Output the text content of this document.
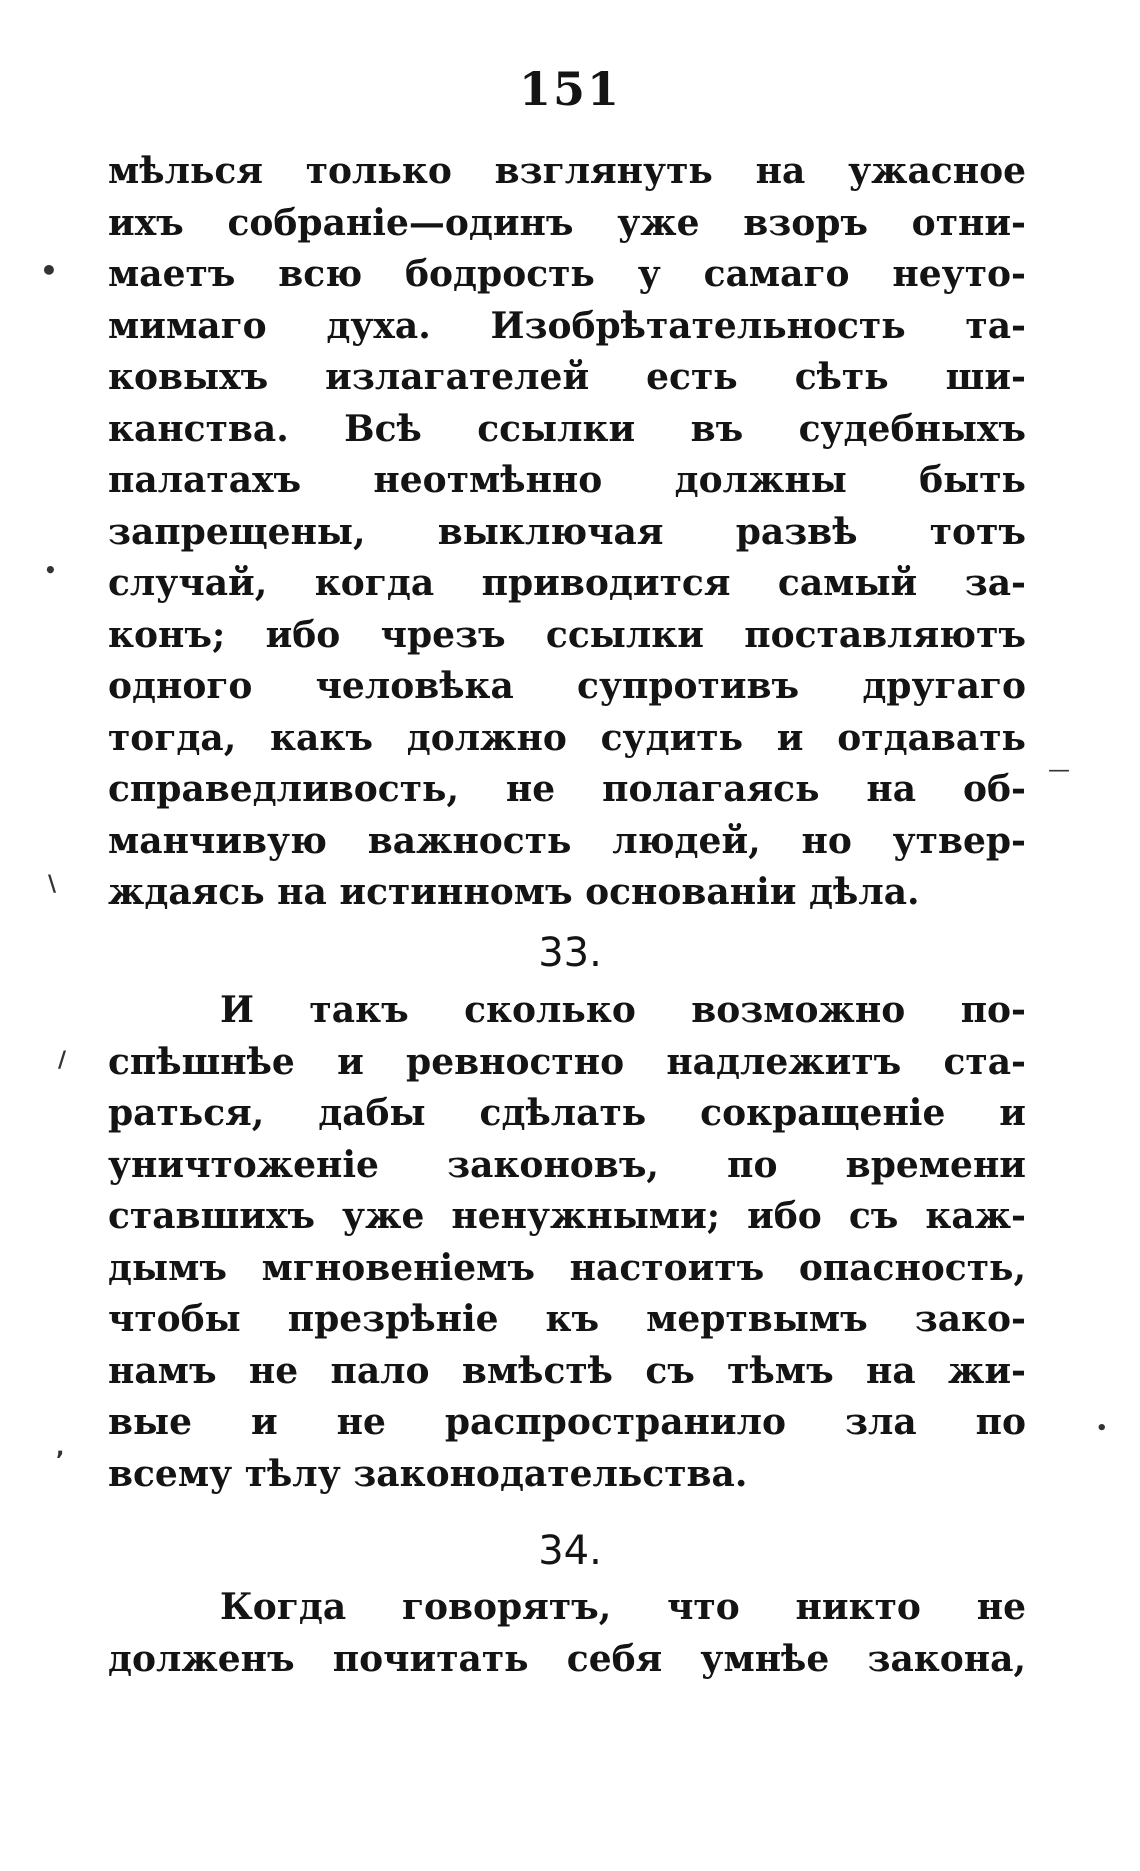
151
мѣлься только взглянуть на ужасное
ихъ собраніе—одинъ уже взоръ отни-
маетъ всю бодрость у самаго неуто-
мимаго духа. Изобрѣтательность та-
ковыхъ излагателей есть сѣть ши-
канства. Всѣ ссылки въ судебныхъ
палатахъ неотмѣнно должны быть
запрещены, выключая развѣ тотъ
случай, когда приводится самый за-
конъ; ибо чрезъ ссылки поставляютъ
одного человѣка супротивъ другаго
тогда, какъ должно судить и отдавать
справедливость, не полагаясь на об-
манчивую важность людей, но утвер-
ждаясь на истинномъ основаніи дѣла.
33.
И такъ сколько возможно по-
спѣшнѣе и ревностно надлежитъ ста-
раться, дабы сдѣлать сокращеніе и
уничтоженіе законовъ, по времени
ставшихъ уже ненужными; ибо съ каж-
дымъ мгновеніемъ настоитъ опасность,
чтобы презрѣніе къ мертвымъ зако-
намъ не пало вмѣстѣ съ тѣмъ на жи-
вые и не распространило зла по
всему тѣлу законодательства.
34.
Когда говорятъ, что никто не
долженъ почитать себя умнѣе закона,
•
•
\
/
,
•
—
